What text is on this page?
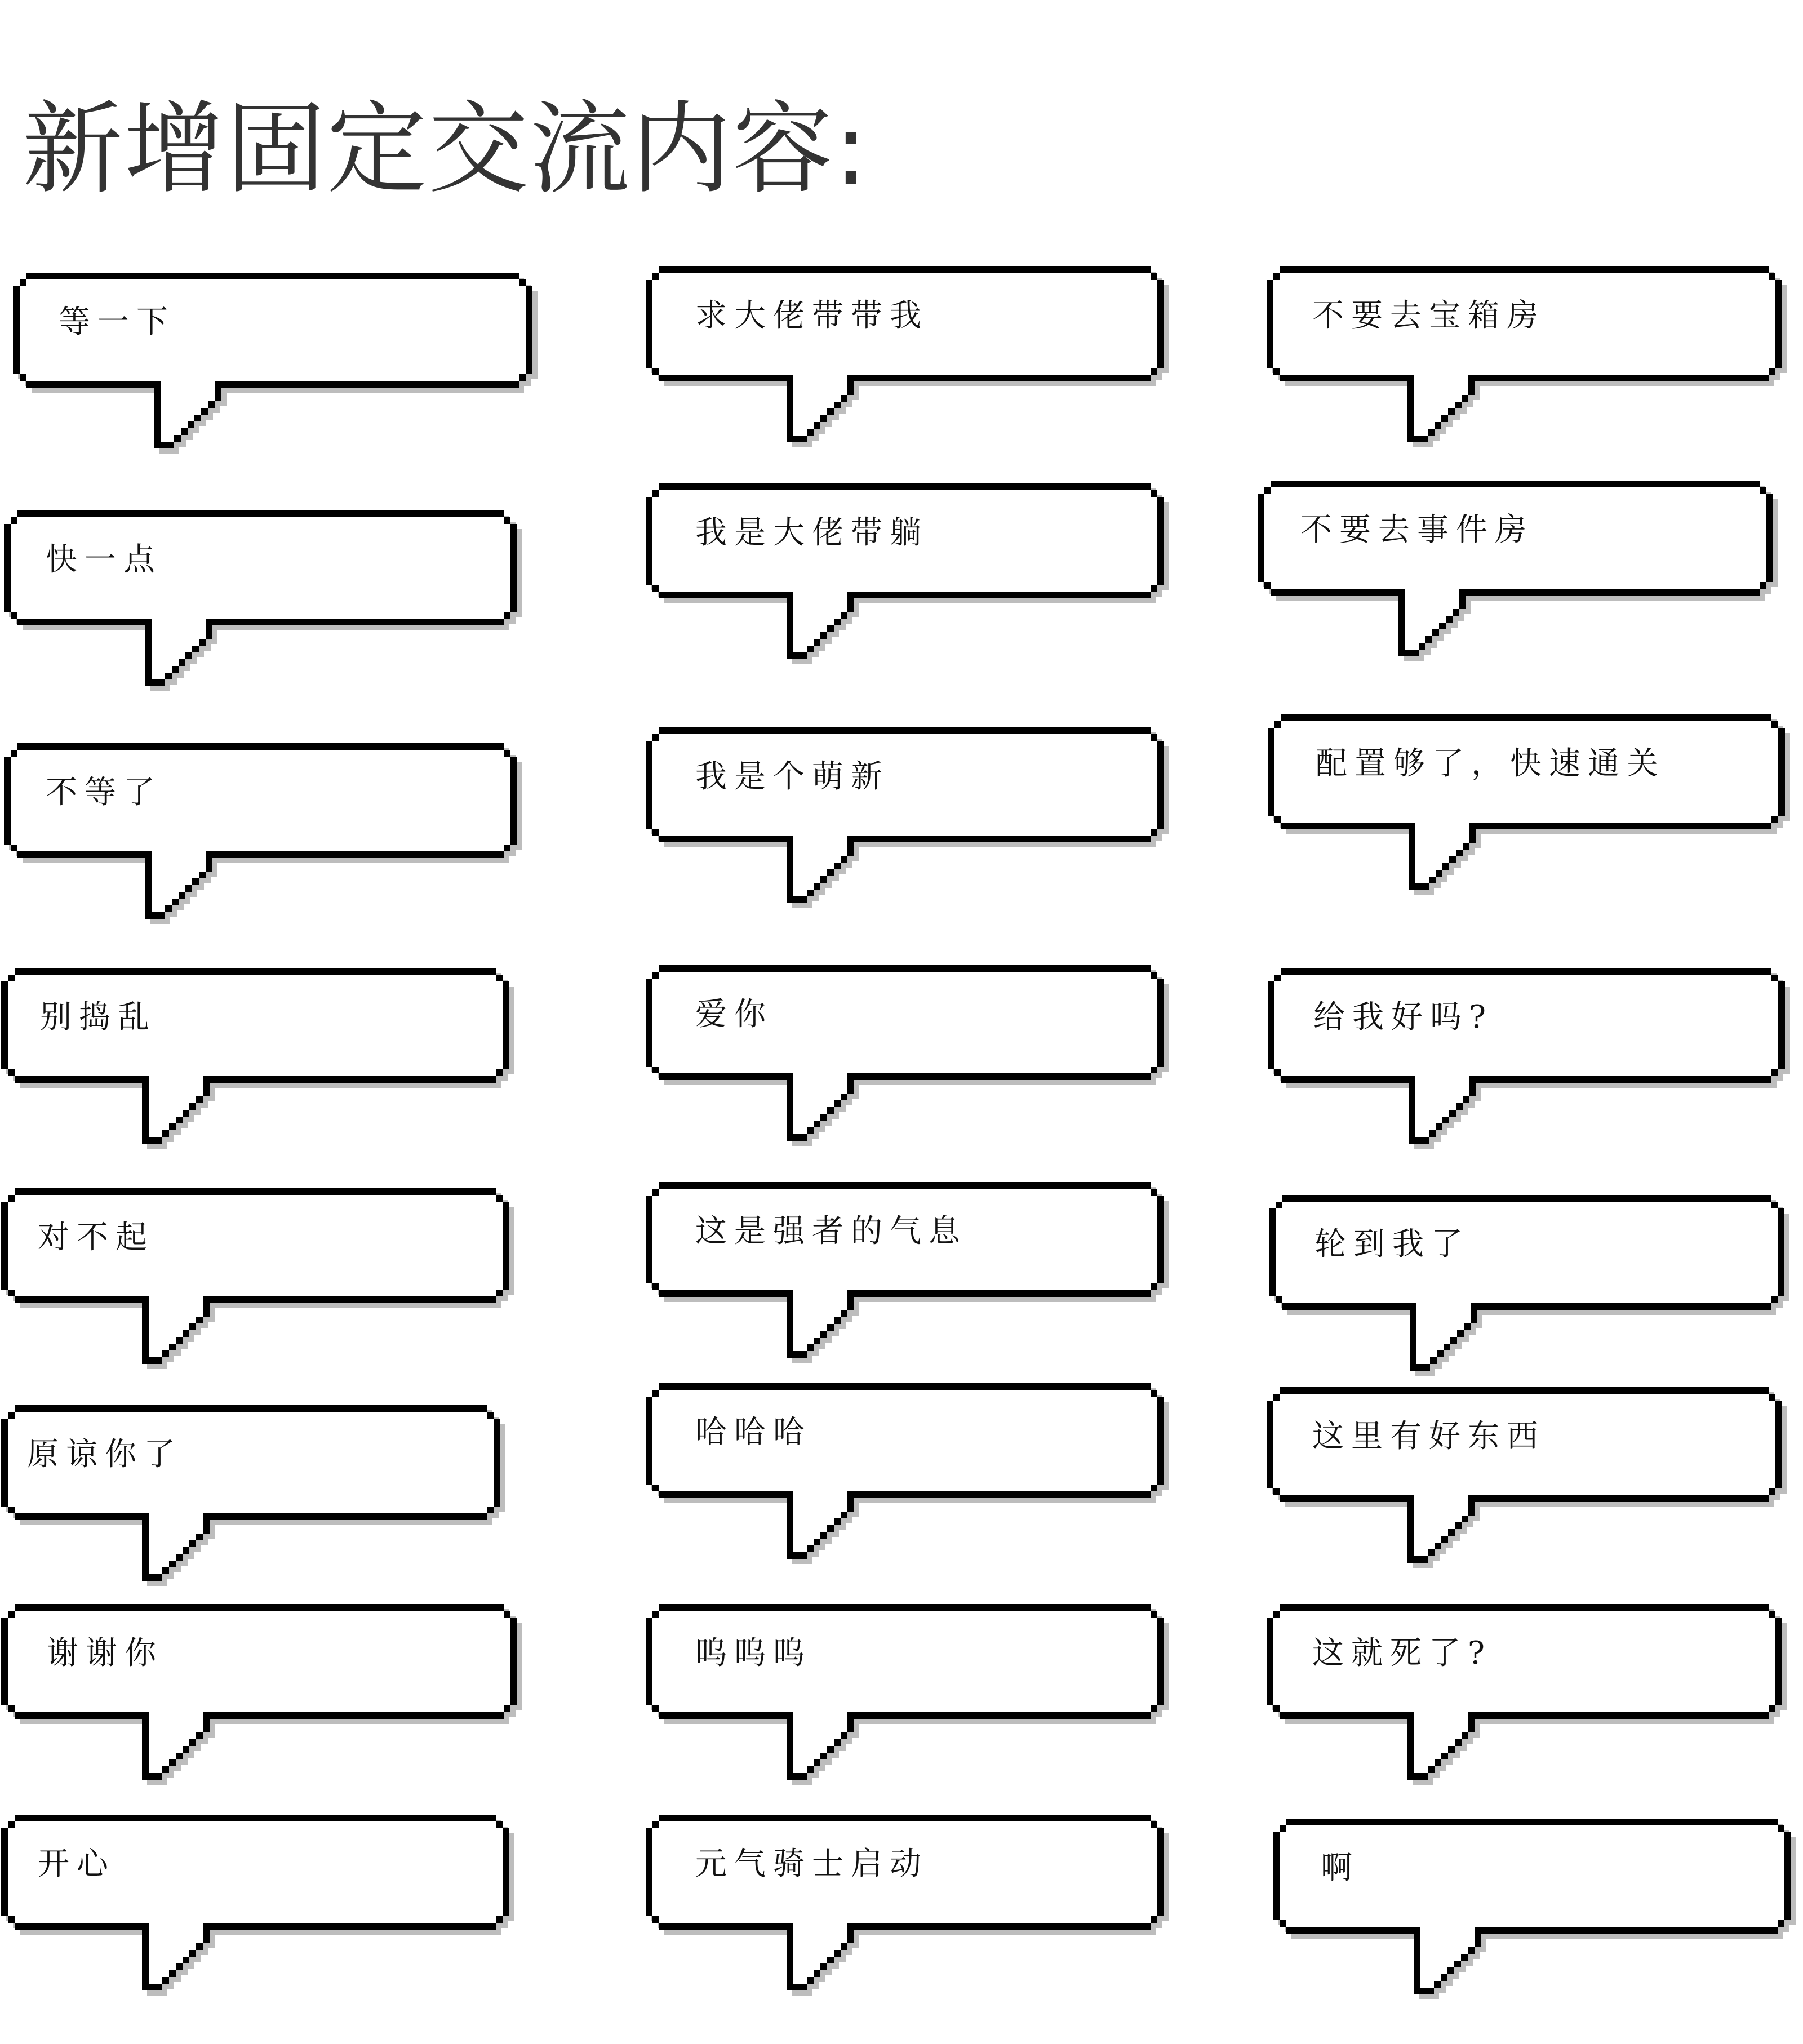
新增固定交流内容:
等一下
快一点
不等了
别捣乱
对不起
原谅你了
谢谢你
开心
求大佬带带我
我是大佬带躺
我是个萌新
爱你
这是强者的气息
哈哈哈
呜呜呜
元气骑士启动
不要去宝箱房
不要去事件房
配置够了，快速通关
给我好吗?
轮到我了
这里有好东西
这就死了?
啊
